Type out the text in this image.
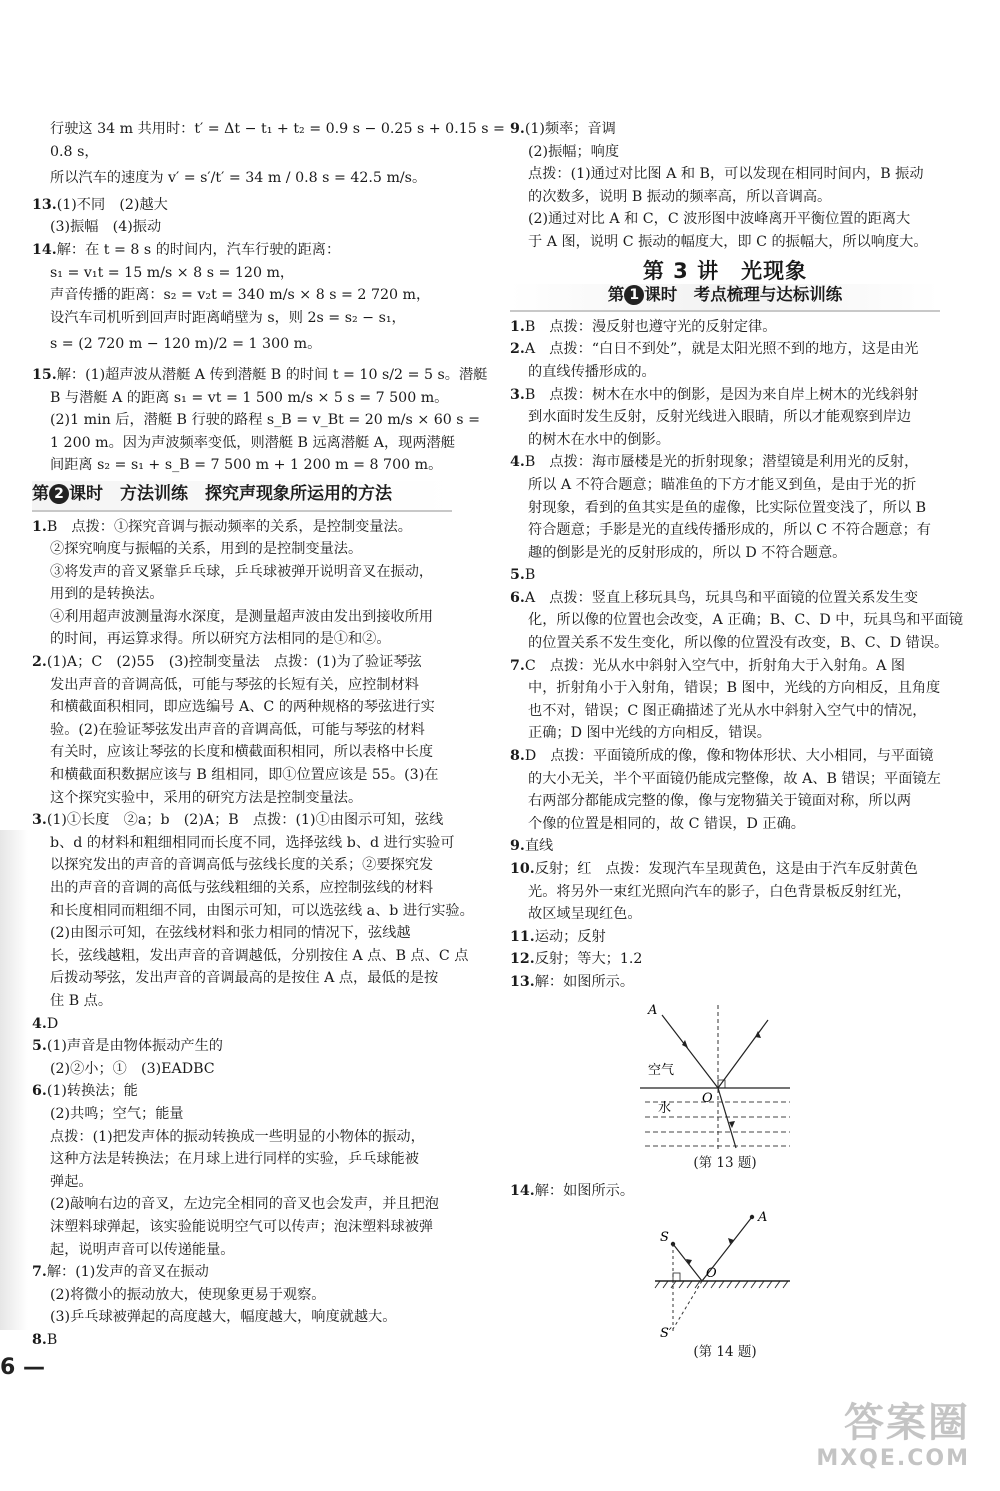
行驶这 34 m 共用时：t′ = Δt − t₁ + t₂ = 0.9 s − 0.25 s + 0.15 s =

0.8 s，

所以汽车的速度为 v′ = s′/t′ = 34 m / 0.8 s = 42.5 m/s。

13.(1)不同　(2)越大

(3)振幅　(4)振动

14.解：在 t = 8 s 的时间内，汽车行驶的距离：

s₁ = v₁t = 15 m/s × 8 s = 120 m，

声音传播的距离：s₂ = v₂t = 340 m/s × 8 s = 2 720 m，

设汽车司机听到回声时距离峭壁为 s，则 2s = s₂ − s₁，

s = (2 720 m − 120 m)/2 = 1 300 m。

15.解：(1)超声波从潜艇 A 传到潜艇 B 的时间 t = 10 s/2 = 5 s。潜艇

B 与潜艇 A 的距离 s₁ = vt = 1 500 m/s × 5 s = 7 500 m。

(2)1 min 后，潜艇 B 行驶的路程 s_B = v_Bt = 20 m/s × 60 s =

1 200 m。因为声波频率变低，则潜艇 B 远离潜艇 A，现两潜艇

间距离 s₂ = s₁ + s_B = 7 500 m + 1 200 m = 8 700 m。

第 2 课时　方法训练　探究声现象所运用的方法

1.B　点拨：①探究音调与振动频率的关系，是控制变量法。

②探究响度与振幅的关系，用到的是控制变量法。

③将发声的音叉紧靠乒乓球，乒乓球被弹开说明音叉在振动，

用到的是转换法。

④利用超声波测量海水深度，是测量超声波由发出到接收所用

的时间，再运算求得。所以研究方法相同的是①和②。

2.(1)A；C　(2)55　(3)控制变量法　点拨：(1)为了验证琴弦

发出声音的音调高低，可能与琴弦的长短有关，应控制材料

和横截面积相同，即应选编号 A、C 的两种规格的琴弦进行实

验。(2)在验证琴弦发出声音的音调高低，可能与琴弦的材料

有关时，应该让琴弦的长度和横截面积相同，所以表格中长度

和横截面积数据应该与 B 组相同，即①位置应该是 55。(3)在

这个探究实验中，采用的研究方法是控制变量法。

3.(1)①长度　②a；b　(2)A；B　点拨：(1)①由图示可知，弦线

b、d 的材料和粗细相同而长度不同，选择弦线 b、d 进行实验可

以探究发出的声音的音调高低与弦线长度的关系；②要探究发

出的声音的音调的高低与弦线粗细的关系，应控制弦线的材料

和长度相同而粗细不同，由图示可知，可以选弦线 a、b 进行实验。

(2)由图示可知，在弦线材料和张力相同的情况下，弦线越

长，弦线越粗，发出声音的音调越低，分别按住 A 点、B 点、C 点

后拨动琴弦，发出声音的音调最高的是按住 A 点，最低的是按

住 B 点。

4.D

5.(1)声音是由物体振动产生的

(2)②小；①　(3)EADBC

6.(1)转换法；能

(2)共鸣；空气；能量

点拨：(1)把发声体的振动转换成一些明显的小物体的振动，

这种方法是转换法；在月球上进行同样的实验，乒乓球能被

弹起。

(2)敲响右边的音叉，左边完全相同的音叉也会发声，并且把泡

沫塑料球弹起，该实验能说明空气可以传声；泡沫塑料球被弹

起，说明声音可以传递能量。

7.解：(1)发声的音叉在振动

(2)将微小的振动放大，使现象更易于观察。

(3)乒乓球被弹起的高度越大，幅度越大，响度就越大。

8.B

9.(1)频率；音调

(2)振幅；响度

点拨：(1)通过对比图 A 和 B，可以发现在相同时间内，B 振动

的次数多，说明 B 振动的频率高，所以音调高。

(2)通过对比 A 和 C，C 波形图中波峰离开平衡位置的距离大

于 A 图，说明 C 振动的幅度大，即 C 的振幅大，所以响度大。

第 3 讲　光现象
第 1 课时　考点梳理与达标训练

1.B　点拨：漫反射也遵守光的反射定律。

2.A　点拨：“白日不到处”，就是太阳光照不到的地方，这是由光

的直线传播形成的。

3.B　点拨：树木在水中的倒影，是因为来自岸上树木的光线斜射

到水面时发生反射，反射光线进入眼睛，所以才能观察到岸边

的树木在水中的倒影。

4.B　点拨：海市蜃楼是光的折射现象；潜望镜是利用光的反射，

所以 A 不符合题意；瞄准鱼的下方才能叉到鱼，是由于光的折

射现象，看到的鱼其实是鱼的虚像，比实际位置变浅了，所以 B

符合题意；手影是光的直线传播形成的，所以 C 不符合题意；有

趣的倒影是光的反射形成的，所以 D 不符合题意。

5.B

6.A　点拨：竖直上移玩具鸟，玩具鸟和平面镜的位置关系发生变

化，所以像的位置也会改变，A 正确；B、C、D 中，玩具鸟和平面镜

的位置关系不发生变化，所以像的位置没有改变，B、C、D 错误。

7.C　点拨：光从水中斜射入空气中，折射角大于入射角。A 图

中，折射角小于入射角，错误；B 图中，光线的方向相反，且角度

也不对，错误；C 图正确描述了光从水中斜射入空气中的情况，

正确；D 图中光线的方向相反，错误。

8.D　点拨：平面镜所成的像，像和物体形状、大小相同，与平面镜

的大小无关，半个平面镜仍能成完整像，故 A、B 错误；平面镜左

右两部分都能成完整的像，像与宠物猫关于镜面对称，所以两

个像的位置是相同的，故 C 错误，D 正确。

9.直线

10.反射；红　点拨：发现汽车呈现黄色，这是由于汽车反射黄色

光。将另外一束红光照向汽车的影子，白色背景板反射红光，

故区域呈现红色。

11.运动；反射

12.反射；等大；1.2

13.解：如图所示。

A
空气
O
水
(第 13 题)

14.解：如图所示。

A
S
O
S′
(第 14 题)
6 —
答案圈
MXQE.COM
